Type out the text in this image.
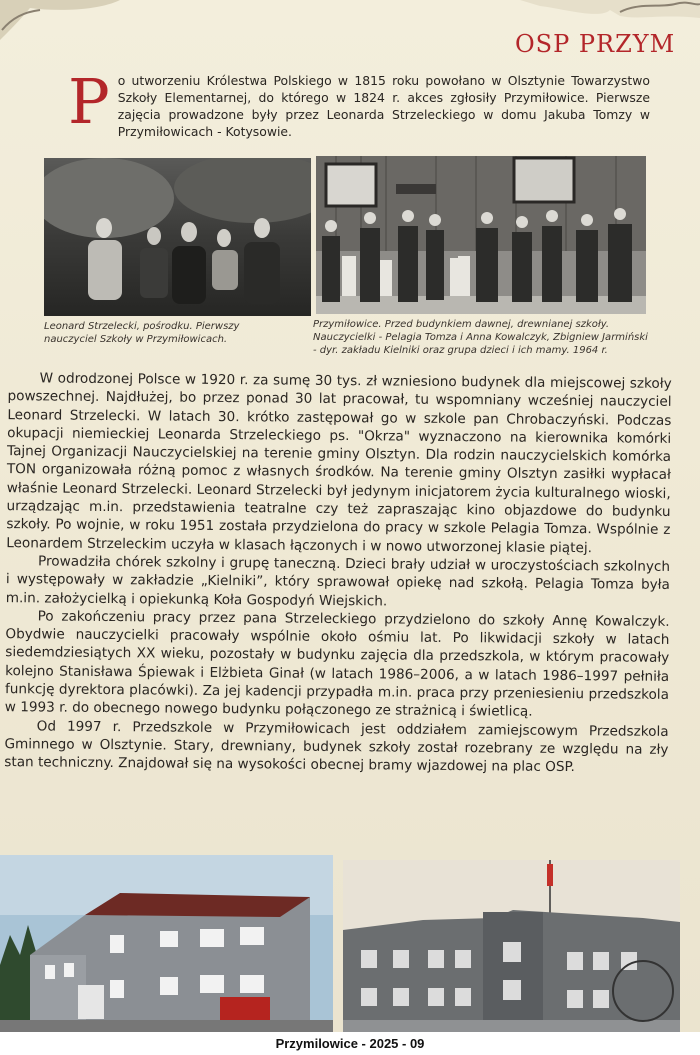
OSP PRZYM
P o utworzeniu Królestwa Polskiego w 1815 roku powołano w Olsztynie Towarzystwo Szkoły Elementarnej, do którego w 1824 r. akces zgłosiły Przymiłowice. Pierwsze zajęcia prowadzone były przez Leonarda Strzeleckiego w domu Jakuba Tomzy w Przymiłowicach - Kotysowie.
Leonard Strzelecki, pośrodku. Pierwszy nauczyciel Szkoły w Przymiłowicach.
Przymiłowice. Przed budynkiem dawnej, drewnianej szkoły. Nauczycielki - Pelagia Tomza i Anna Kowalczyk, Zbigniew Jarmiński - dyr. zakładu Kielniki oraz grupa dzieci i ich mamy. 1964 r.

W odrodzonej Polsce w 1920 r. za sumę 30 tys. zł wzniesiono budynek dla miejscowej szkoły powszechnej. Najdłużej, bo przez ponad 30 lat pracował, tu wspomniany wcześniej nauczyciel Leonard Strzelecki. W latach 30. krótko zastępował go w szkole pan Chrobaczyński. Podczas okupacji niemieckiej Leonarda Strzeleckiego ps. "Okrza" wyznaczono na kierownika komórki Tajnej Organizacji Nauczycielskiej na terenie gminy Olsztyn. Dla rodzin nauczycielskich komórka TON organizowała różną pomoc z własnych środków. Na terenie gminy Olsztyn zasiłki wypłacał właśnie Leonard Strzelecki. Leonard Strzelecki był jedynym inicjatorem życia kulturalnego wioski, urządzając m.in. przedstawienia teatralne czy też zapraszając kino objazdowe do budynku szkoły. Po wojnie, w roku 1951 została przydzielona do pracy w szkole Pelagia Tomza. Wspólnie z Leonardem Strzeleckim uczyła w klasach łączonych i w nowo utworzonej klasie piątej.

Prowadziła chórek szkolny i grupę taneczną. Dzieci brały udział w uroczystościach szkolnych i występowały w zakładzie „Kielniki”, który sprawował opiekę nad szkołą. Pelagia Tomza była m.in. założycielką i opiekunką Koła Gospodyń Wiejskich.

Po zakończeniu pracy przez pana Strzeleckiego przydzielono do szkoły Annę Kowalczyk. Obydwie nauczycielki pracowały wspólnie około ośmiu lat. Po likwidacji szkoły w latach siedemdziesiątych XX wieku, pozostały w budynku zajęcia dla przedszkola, w którym pracowały kolejno Stanisława Śpiewak i Elżbieta Ginał (w latach 1986–2006, a w latach 1986–1997 pełniła funkcję dyrektora placówki). Za jej kadencji przypadła m.in. praca przy przeniesieniu przedszkola w 1993 r. do obecnego nowego budynku połączonego ze strażnicą i świetlicą.

Od 1997 r. Przedszkole w Przymiłowicach jest oddziałem zamiejscowym Przedszkola Gminnego w Olsztynie. Stary, drewniany, budynek szkoły został rozebrany ze względu na zły stan techniczny. Znajdował się na wysokości obecnej bramy wjazdowej na plac OSP.

Przymilowice - 2025 - 09
